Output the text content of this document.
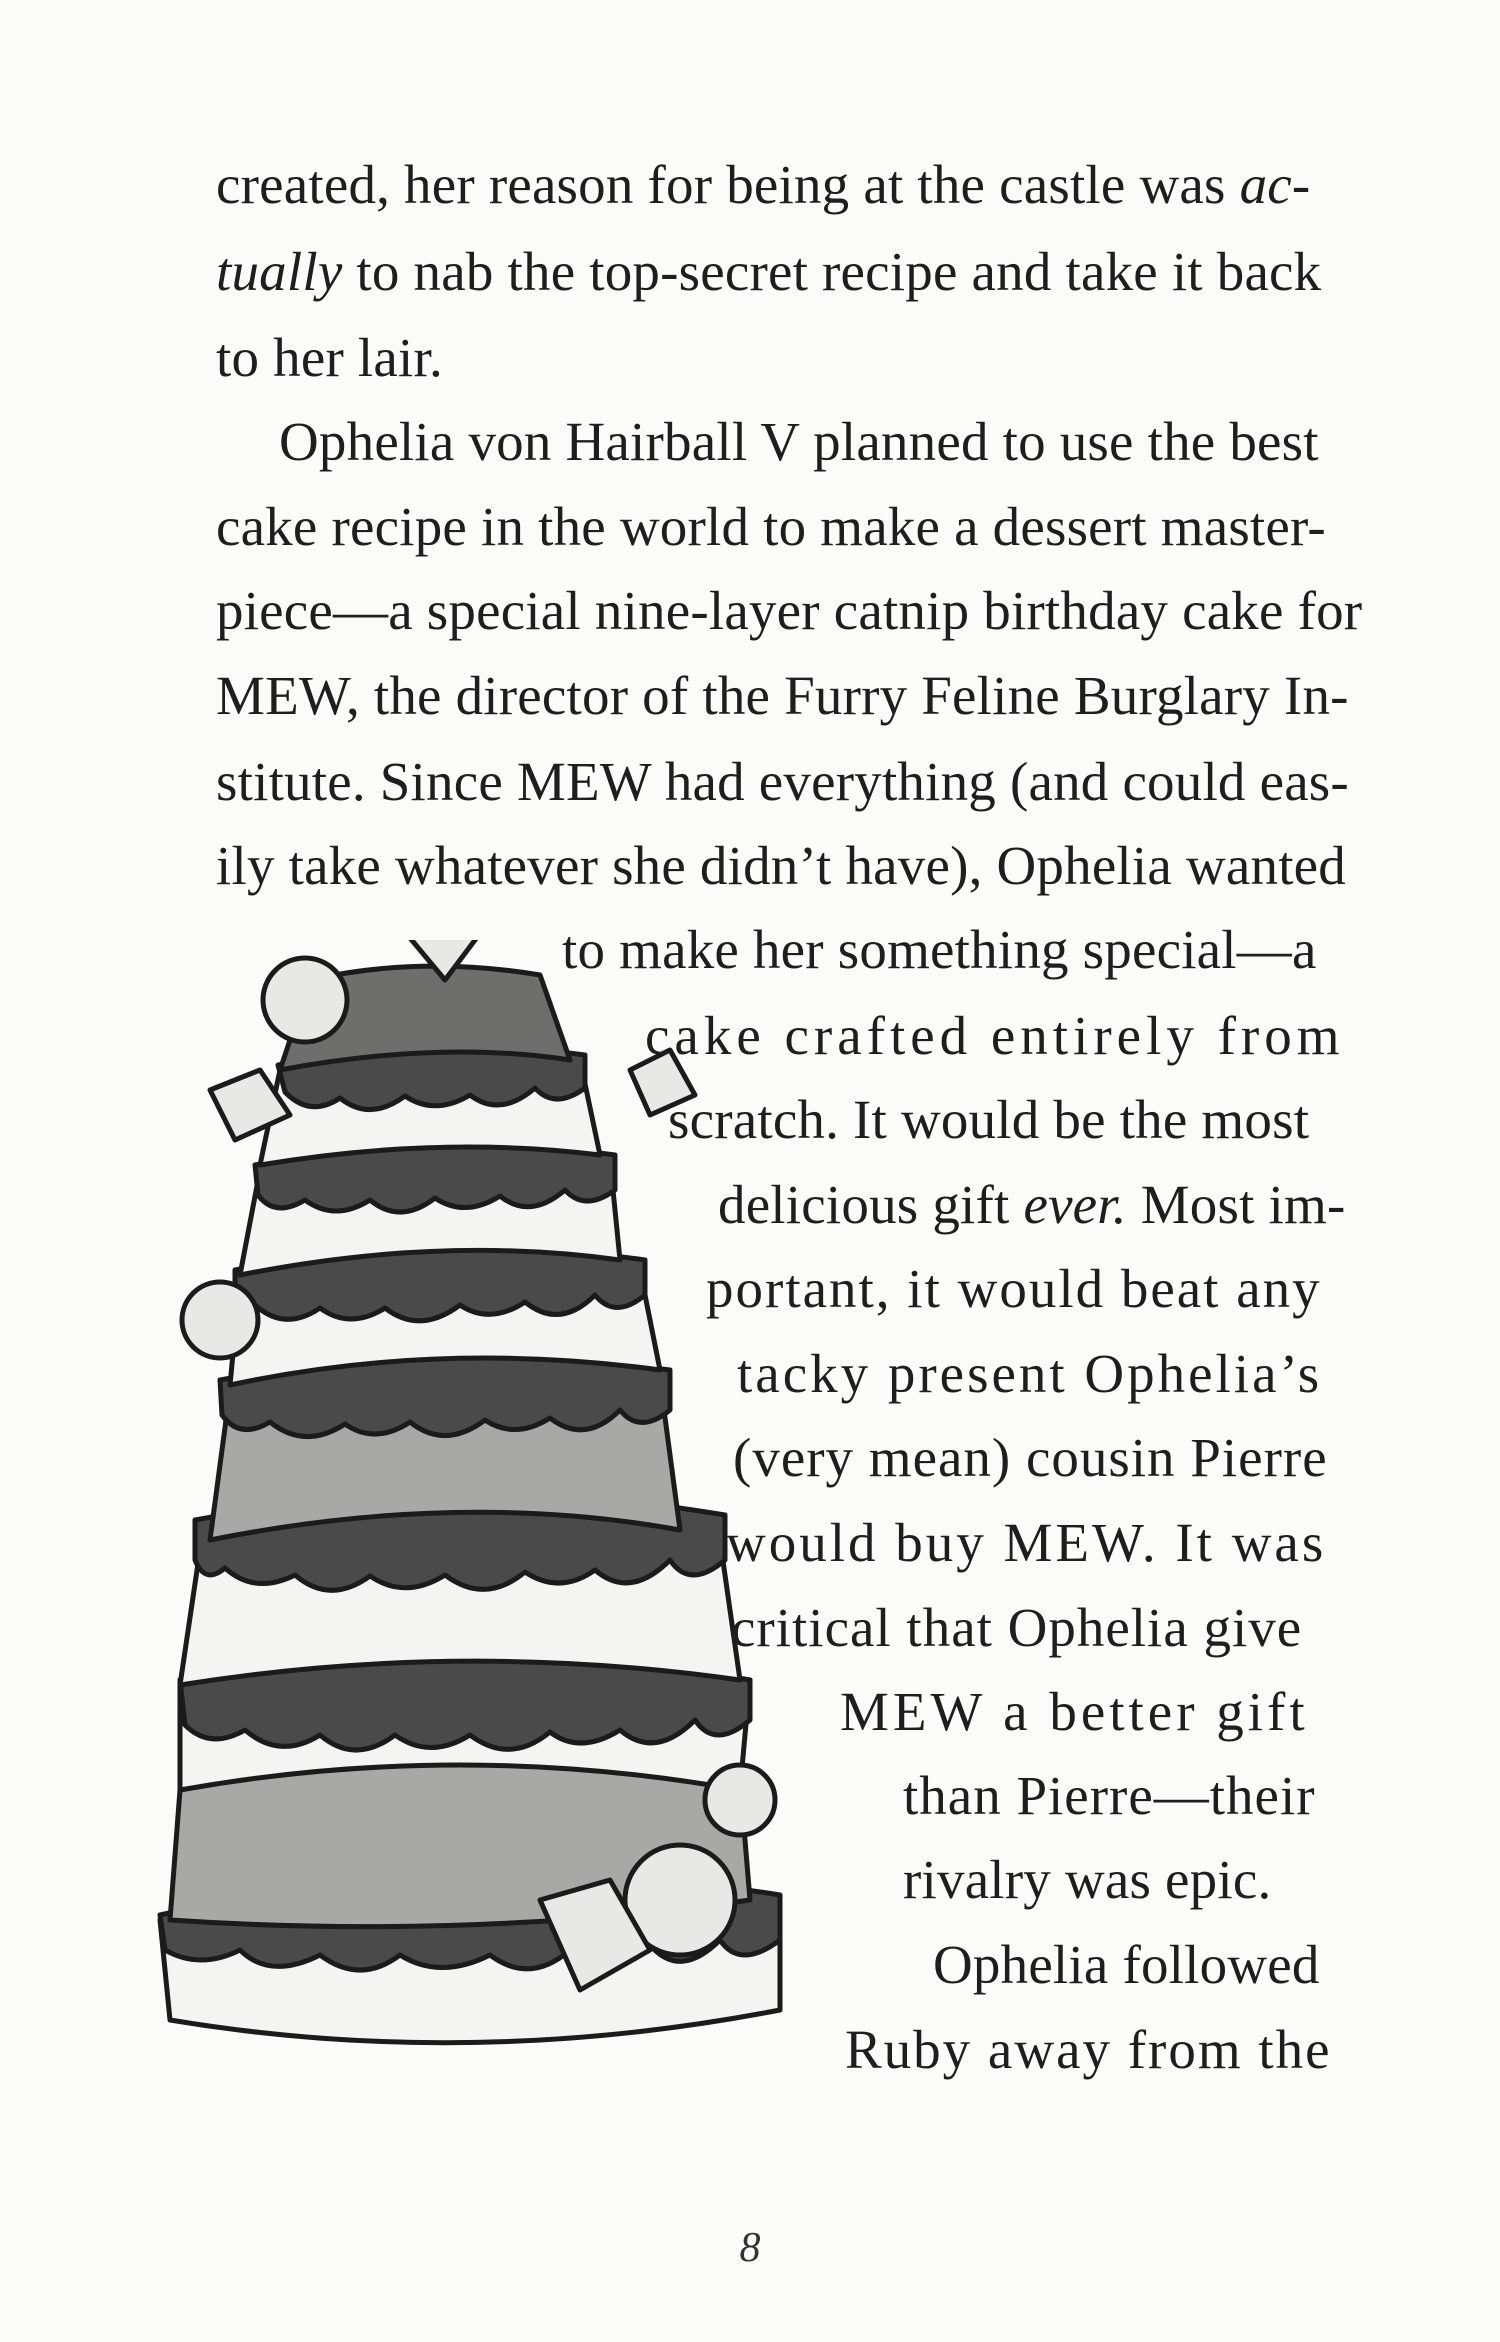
created, her reason for being at the castle was ac-
tually to nab the top-secret recipe and take it back
to her lair.
Ophelia von Hairball V planned to use the best
cake recipe in the world to make a dessert master-
piece—a special nine-layer catnip birthday cake for
MEW, the director of the Furry Feline Burglary In-
stitute. Since MEW had everything (and could eas-
ily take whatever she didn’t have), Ophelia wanted
to make her something special—a
cake crafted entirely from
scratch. It would be the most
delicious gift ever. Most im-
portant, it would beat any
tacky present Ophelia’s
(very mean) cousin Pierre
would buy MEW. It was
critical that Ophelia give
MEW a better gift
than Pierre—their
rivalry was epic.
Ophelia followed
Ruby away from the
8
